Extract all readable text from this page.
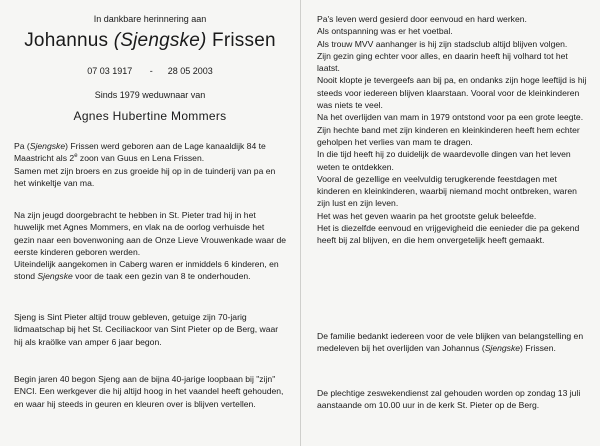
In dankbare herinnering aan
Johannus (Sjengske) Frissen
07 03 1917 - 28 05 2003
Sinds 1979 weduwnaar van
Agnes Hubertine Mommers

Pa (Sjengske) Frissen werd geboren aan de Lage kanaaldijk 84 te Maastricht als 2e zoon van Guus en Lena Frissen.

Samen met zijn broers en zus groeide hij op in de tuinderij van pa en het winkeltje van ma.

Na zijn jeugd doorgebracht te hebben in St. Pieter trad hij in het huwelijk met Agnes Mommers, en vlak na de oorlog verhuisde het gezin naar een bovenwoning aan de Onze Lieve Vrouwenkade waar de eerste kinderen geboren werden.

Uiteindelijk aangekomen in Caberg waren er inmiddels 6 kinderen, en stond Sjengske voor de taak een gezin van 8 te onderhouden.

Sjeng is Sint Pieter altijd trouw gebleven, getuige zijn 70-jarig lidmaatschap bij het St. Ceciliackoor van Sint Pieter op de Berg, waar hij als kraölke van amper 6 jaar begon.
Begin jaren 40 begon Sjeng aan de bijna 40-jarige loopbaan bij "zijn" ENCI. Een werkgever die hij altijd hoog in het vaandel heeft gehouden, en waar hij steeds in geuren en kleuren over is blijven vertellen.

Pa's leven werd gesierd door eenvoud en hard werken.

Als ontspanning was er het voetbal.

Als trouw MVV aanhanger is hij zijn stadsclub altijd blijven volgen.

Zijn gezin ging echter voor alles, en daarin heeft hij volhard tot het laatst.

Nooit klopte je tevergeefs aan bij pa, en ondanks zijn hoge leeftijd is hij steeds voor iedereen blijven klaarstaan. Vooral voor de kleinkinderen was niets te veel.

Na het overlijden van mam in 1979 ontstond voor pa een grote leegte. Zijn hechte band met zijn kinderen en kleinkinderen heeft hem echter geholpen het verlies van mam te dragen.

In die tijd heeft hij zo duidelijk de waardevolle dingen van het leven weten te ontdekken.

Vooral de gezellige en veelvuldig terugkerende feestdagen met kinderen en kleinkinderen, waarbij niemand mocht ontbreken, waren zijn lust en zijn leven.

Het was het geven waarin pa het grootste geluk beleefde.

Het is diezelfde eenvoud en vrijgevigheid die eenieder die pa gekend heeft bij zal blijven, en die hem onvergetelijk heeft gemaakt.

De familie bedankt iedereen voor de vele blijken van belangstelling en medeleven bij het overlijden van Johannus (Sjengske) Frissen.

De plechtige zeswekendienst zal gehouden worden op zondag 13 juli aanstaande om 10.00 uur in de kerk St. Pieter op de Berg.
